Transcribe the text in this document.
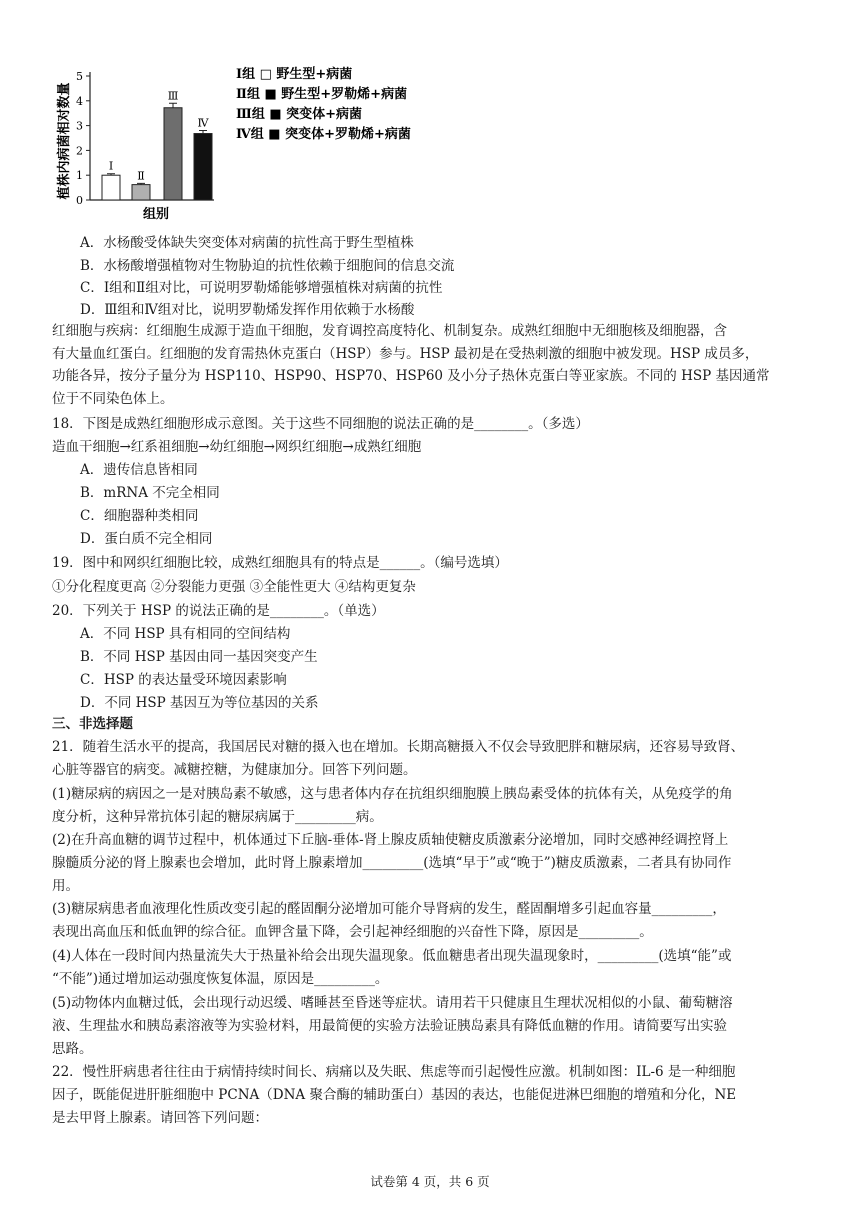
植株内病菌相对数量
0
1
2
3
4
5
Ⅰ
Ⅱ
Ⅲ
Ⅳ
组别
Ⅰ组 □ 野生型+病菌
Ⅱ组 ■ 野生型+罗勒烯+病菌
Ⅲ组 ■ 突变体+病菌
Ⅳ组 ■ 突变体+罗勒烯+病菌
A．水杨酸受体缺失突变体对病菌的抗性高于野生型植株
B．水杨酸增强植物对生物胁迫的抗性依赖于细胞间的信息交流
C．Ⅰ组和Ⅱ组对比，可说明罗勒烯能够增强植株对病菌的抗性
D．Ⅲ组和Ⅳ组对比，说明罗勒烯发挥作用依赖于水杨酸
红细胞与疾病：红细胞生成源于造血干细胞，发育调控高度特化、机制复杂。成熟红细胞中无细胞核及细胞器，含
有大量血红蛋白。红细胞的发育需热休克蛋白（HSP）参与。HSP 最初是在受热刺激的细胞中被发现。HSP 成员多，
功能各异，按分子量分为 HSP110、HSP90、HSP70、HSP60 及小分子热休克蛋白等亚家族。不同的 HSP 基因通常
位于不同染色体上。
18．下图是成熟红细胞形成示意图。关于这些不同细胞的说法正确的是________。（多选）
造血干细胞→红系祖细胞→幼红细胞→网织红细胞→成熟红细胞
A．遗传信息皆相同
B．mRNA 不完全相同
C．细胞器种类相同
D．蛋白质不完全相同
19．图中和网织红细胞比较，成熟红细胞具有的特点是______。（编号选填）
①分化程度更高 ②分裂能力更强 ③全能性更大 ④结构更复杂
20．下列关于 HSP 的说法正确的是________。（单选）
A．不同 HSP 具有相同的空间结构
B．不同 HSP 基因由同一基因突变产生
C．HSP 的表达量受环境因素影响
D．不同 HSP 基因互为等位基因的关系
三、非选择题
21．随着生活水平的提高，我国居民对糖的摄入也在增加。长期高糖摄入不仅会导致肥胖和糖尿病，还容易导致肾、
心脏等器官的病变。减糖控糖，为健康加分。回答下列问题。
(1)糖尿病的病因之一是对胰岛素不敏感，这与患者体内存在抗组织细胞膜上胰岛素受体的抗体有关，从免疫学的角
度分析，这种异常抗体引起的糖尿病属于_________病。
(2)在升高血糖的调节过程中，机体通过下丘脑-垂体-肾上腺皮质轴使糖皮质激素分泌增加，同时交感神经调控肾上
腺髓质分泌的肾上腺素也会增加，此时肾上腺素增加_________(选填“早于”或“晚于”)糖皮质激素，二者具有协同作
用。
(3)糖尿病患者血液理化性质改变引起的醛固酮分泌增加可能介导肾病的发生，醛固酮增多引起血容量_________，
表现出高血压和低血钾的综合征。血钾含量下降，会引起神经细胞的兴奋性下降，原因是_________。
(4)人体在一段时间内热量流失大于热量补给会出现失温现象。低血糖患者出现失温现象时，_________(选填“能”或
“不能”)通过增加运动强度恢复体温，原因是_________。
(5)动物体内血糖过低，会出现行动迟缓、嗜睡甚至昏迷等症状。请用若干只健康且生理状况相似的小鼠、葡萄糖溶
液、生理盐水和胰岛素溶液等为实验材料，用最简便的实验方法验证胰岛素具有降低血糖的作用。请简要写出实验
思路。
22．慢性肝病患者往往由于病情持续时间长、病痛以及失眠、焦虑等而引起慢性应激。机制如图：IL-6 是一种细胞
因子，既能促进肝脏细胞中 PCNA（DNA 聚合酶的辅助蛋白）基因的表达，也能促进淋巴细胞的增殖和分化，NE
是去甲肾上腺素。请回答下列问题：
试卷第 4 页，共 6 页
